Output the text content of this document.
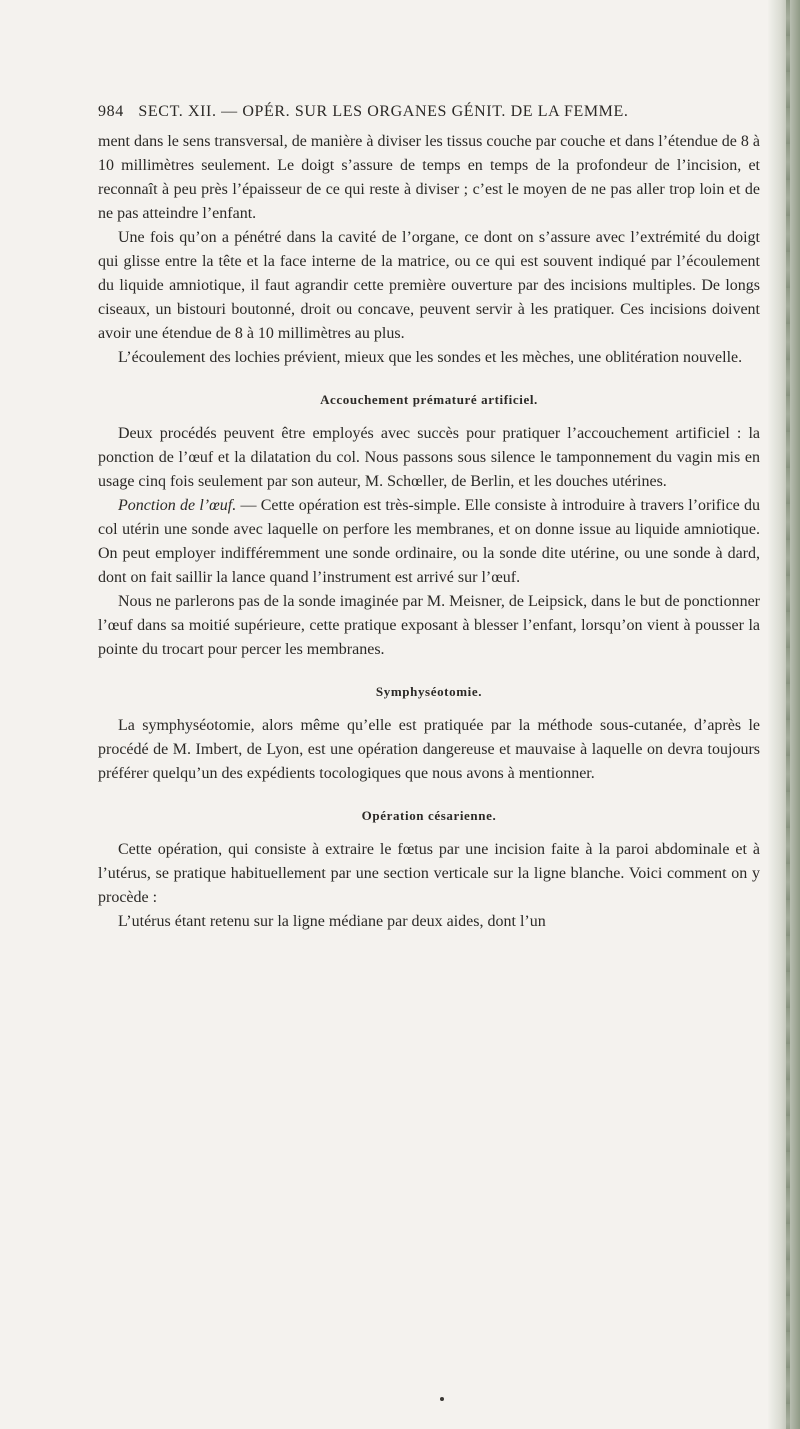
984 SECT. XII. — OPÉR. SUR LES ORGANES GÉNIT. DE LA FEMME.

ment dans le sens transversal, de manière à diviser les tissus couche par couche et dans l’étendue de 8 à 10 millimètres seulement. Le doigt s’assure de temps en temps de la profondeur de l’incision, et reconnaît à peu près l’épaisseur de ce qui reste à diviser ; c’est le moyen de ne pas aller trop loin et de ne pas atteindre l’enfant.

Une fois qu’on a pénétré dans la cavité de l’organe, ce dont on s’assure avec l’extrémité du doigt qui glisse entre la tête et la face interne de la matrice, ou ce qui est souvent indiqué par l’écoulement du liquide amniotique, il faut agrandir cette première ouverture par des incisions multiples. De longs ciseaux, un bistouri boutonné, droit ou concave, peuvent servir à les pratiquer. Ces incisions doivent avoir une étendue de 8 à 10 millimètres au plus.

L’écoulement des lochies prévient, mieux que les sondes et les mèches, une oblitération nouvelle.

Accouchement prématuré artificiel.

Deux procédés peuvent être employés avec succès pour pratiquer l’accouchement artificiel : la ponction de l’œuf et la dilatation du col. Nous passons sous silence le tamponnement du vagin mis en usage cinq fois seulement par son auteur, M. Schœller, de Berlin, et les douches utérines.

Ponction de l’œuf. — Cette opération est très-simple. Elle consiste à introduire à travers l’orifice du col utérin une sonde avec laquelle on perfore les membranes, et on donne issue au liquide amniotique. On peut employer indifféremment une sonde ordinaire, ou la sonde dite utérine, ou une sonde à dard, dont on fait saillir la lance quand l’instrument est arrivé sur l’œuf.

Nous ne parlerons pas de la sonde imaginée par M. Meisner, de Leipsick, dans le but de ponctionner l’œuf dans sa moitié supérieure, cette pratique exposant à blesser l’enfant, lorsqu’on vient à pousser la pointe du trocart pour percer les membranes.

Symphyséotomie.

La symphyséotomie, alors même qu’elle est pratiquée par la méthode sous-cutanée, d’après le procédé de M. Imbert, de Lyon, est une opération dangereuse et mauvaise à laquelle on devra toujours préférer quelqu’un des expédients tocologiques que nous avons à mentionner.

Opération césarienne.

Cette opération, qui consiste à extraire le fœtus par une incision faite à la paroi abdominale et à l’utérus, se pratique habituellement par une section verticale sur la ligne blanche. Voici comment on y procède :

L’utérus étant retenu sur la ligne médiane par deux aides, dont l’un
